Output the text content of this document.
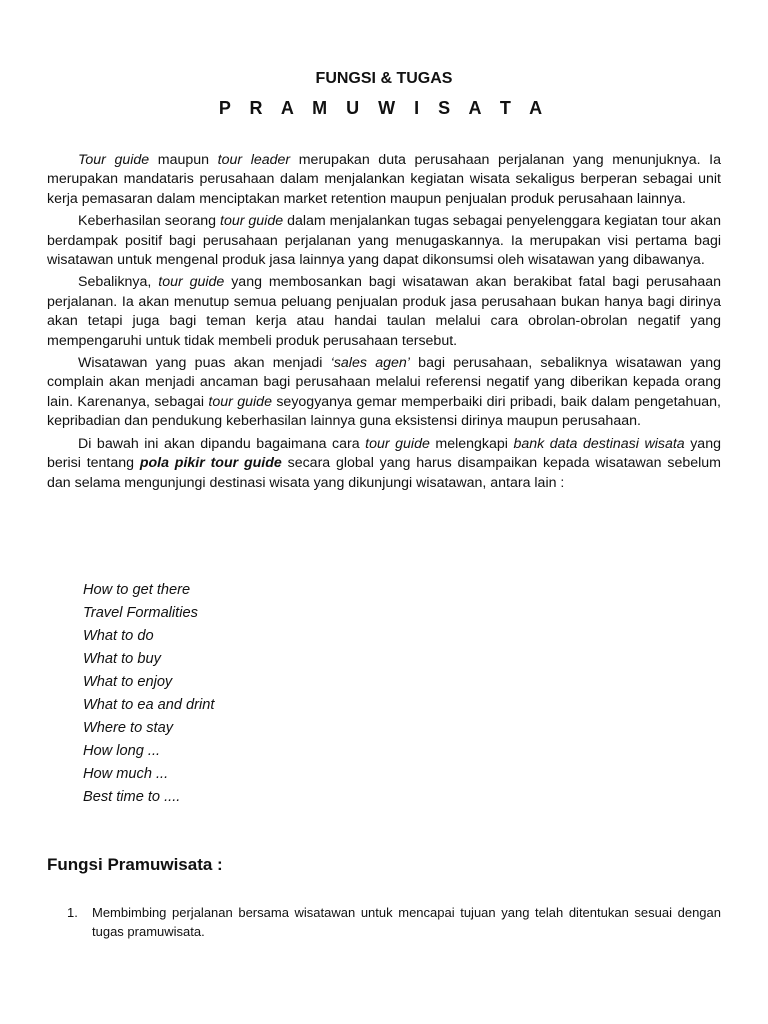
FUNGSI & TUGAS
P R A M U W I S A T A

Tour guide maupun tour leader merupakan duta perusahaan perjalanan yang menunjuknya. Ia merupakan mandataris perusahaan dalam menjalankan kegiatan wisata sekaligus berperan sebagai unit kerja pemasaran dalam menciptakan market retention maupun penjualan produk perusahaan lainnya.

Keberhasilan seorang tour guide dalam menjalankan tugas sebagai penyelenggara kegiatan tour akan berdampak positif bagi perusahaan perjalanan yang menugaskannya. Ia merupakan visi pertama bagi wisatawan untuk mengenal produk jasa lainnya yang dapat dikonsumsi oleh wisatawan yang dibawanya.

Sebaliknya, tour guide yang membosankan bagi wisatawan akan berakibat fatal bagi perusahaan perjalanan. Ia akan menutup semua peluang penjualan produk jasa perusahaan bukan hanya bagi dirinya akan tetapi juga bagi teman kerja atau handai taulan melalui cara obrolan-obrolan negatif yang mempengaruhi untuk tidak membeli produk perusahaan tersebut.

Wisatawan yang puas akan menjadi ‘sales agen’ bagi perusahaan, sebaliknya wisatawan yang complain akan menjadi ancaman bagi perusahaan melalui referensi negatif yang diberikan kepada orang lain. Karenanya, sebagai tour guide seyogyanya gemar memperbaiki diri pribadi, baik dalam pengetahuan, kepribadian dan pendukung keberhasilan lainnya guna eksistensi dirinya maupun perusahaan.

Di bawah ini akan dipandu bagaimana cara tour guide melengkapi bank data destinasi wisata yang berisi tentang pola pikir tour guide secara global yang harus disampaikan kepada wisatawan sebelum dan selama mengunjungi destinasi wisata yang dikunjungi wisatawan, antara lain :

How to get there
Travel Formalities
What to do
What to buy
What to enjoy
What to ea and drint
Where to stay
How long ...
How much ...
Best time to ....
Fungsi Pramuwisata :
1. Membimbing perjalanan bersama wisatawan untuk mencapai tujuan yang telah ditentukan sesuai dengan tugas pramuwisata.
